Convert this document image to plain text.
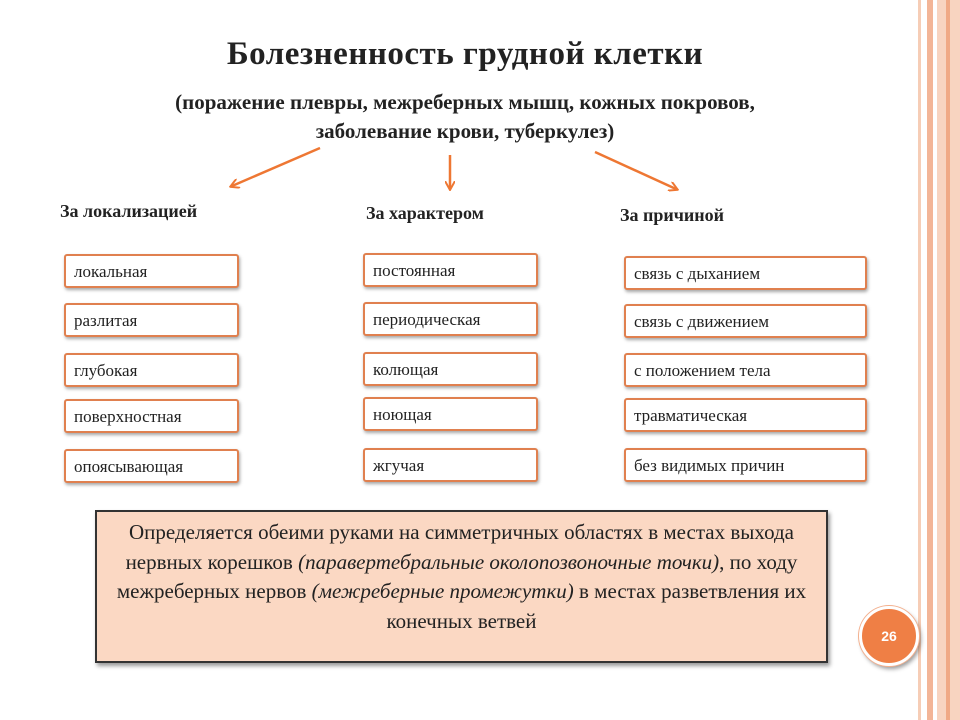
Болезненность грудной клетки
(поражение плевры, межреберных мышц, кожных покровов,
заболевание крови, туберкулез)
За локализацией
локальная
разлитая
глубокая
поверхностная
опоясывающая
За характером
постоянная
периодическая
колющая
ноющая
жгучая
За причиной
связь с дыханием
связь с движением
с положением тела
травматическая
без видимых причин
Определяется обеими руками на симметричных областях в местах выхода нервных корешков (паравертебральные околопозвоночные точки), по ходу межреберных нервов (межреберные промежутки) в местах разветвления их конечных ветвей
26
